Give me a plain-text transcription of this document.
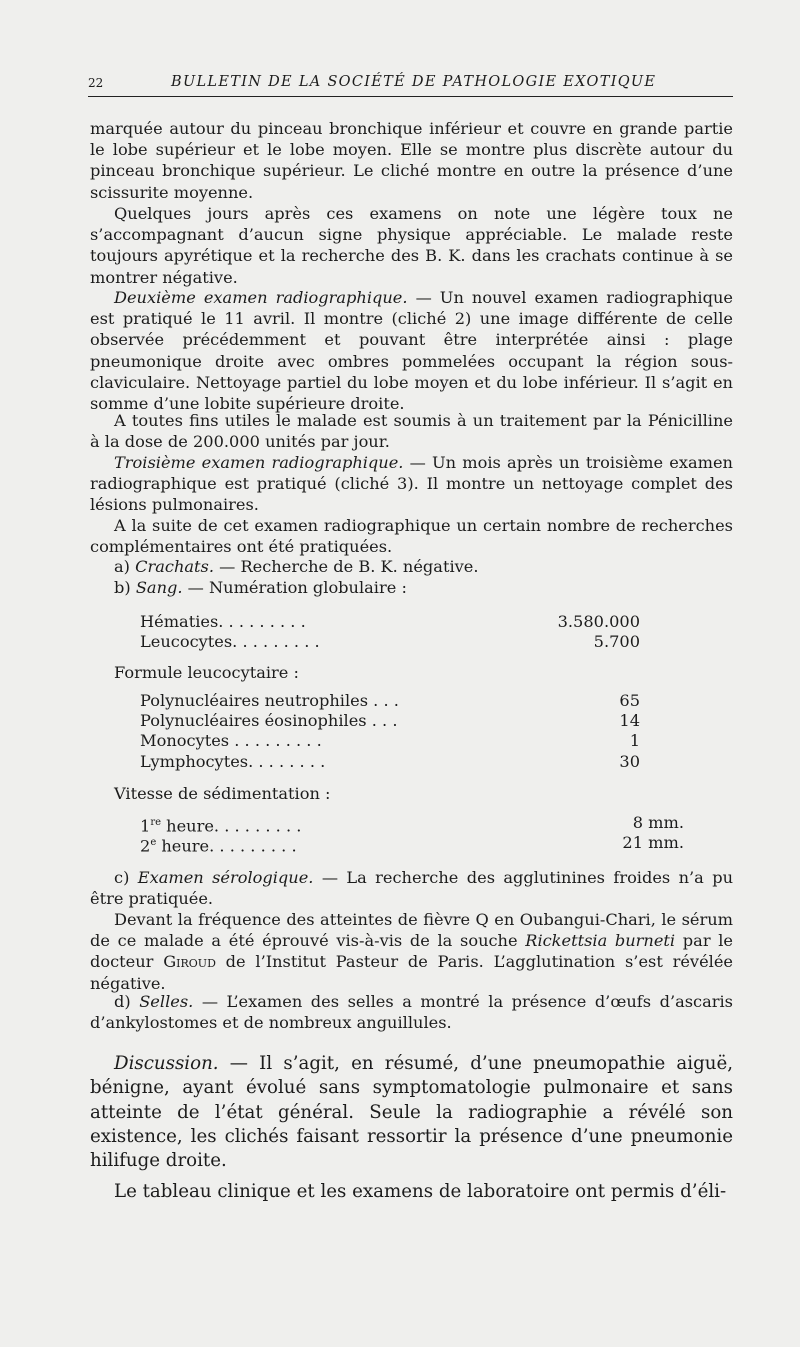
22	BULLETIN DE LA SOCIÉTÉ DE PATHOLOGIE EXOTIQUE

marquée autour du pinceau bronchique inférieur et couvre en grande partie le lobe supérieur et le lobe moyen. Elle se montre plus discrète autour du pinceau bronchique supérieur. Le cliché montre en outre la présence d’une scissurite moyenne.

Quelques jours après ces examens on note une légère toux ne s’accompagnant d’aucun signe physique appréciable. Le malade reste toujours apyrétique et la recherche des B. K. dans les crachats continue à se montrer négative.

Deuxième examen radiographique. — Un nouvel examen radiographique est pratiqué le 11 avril. Il montre (cliché 2) une image différente de celle observée précédemment et pouvant être interprétée ainsi : plage pneumonique droite avec ombres pommelées occupant la région sous-claviculaire. Nettoyage partiel du lobe moyen et du lobe inférieur. Il s’agit en somme d’une lobite supérieure droite.

A toutes fins utiles le malade est soumis à un traitement par la Pénicilline à la dose de 200.000 unités par jour.

Troisième examen radiographique. — Un mois après un troisième examen radiographique est pratiqué (cliché 3). Il montre un nettoyage complet des lésions pulmonaires.

A la suite de cet examen radiographique un certain nombre de recherches complémentaires ont été pratiquées.

a) Crachats. — Recherche de B. K. négative.
b) Sang. — Numération globulaire :
Hématies. . . . . . . . .	3.580.000
Leucocytes. . . . . . . . .	5.700
Formule leucocytaire :
Polynucléaires neutrophiles . . .	65
Polynucléaires éosinophiles . . .	14
Monocytes . . . . . . . . .	1
Lymphocytes. . . . . . . .	30
Vitesse de sédimentation :
1re heure. . . . . . . . .	8 mm.
2e heure. . . . . . . . .	21 mm.

c) Examen sérologique. — La recherche des agglutinines froides n’a pu être pratiquée.

Devant la fréquence des atteintes de fièvre Q en Oubangui-Chari, le sérum de ce malade a été éprouvé vis-à-vis de la souche Rickettsia burneti par le docteur Giroud de l’Institut Pasteur de Paris. L’agglutination s’est révélée négative.

d) Selles. — L’examen des selles a montré la présence d’œufs d’ascaris d’ankylostomes et de nombreux anguillules.

Discussion. — Il s’agit, en résumé, d’une pneumopathie aiguë, bénigne, ayant évolué sans symptomatologie pulmonaire et sans atteinte de l’état général. Seule la radiographie a révélé son existence, les clichés faisant ressortir la présence d’une pneumonie hilifuge droite.

Le tableau clinique et les examens de laboratoire ont permis d’éli-
